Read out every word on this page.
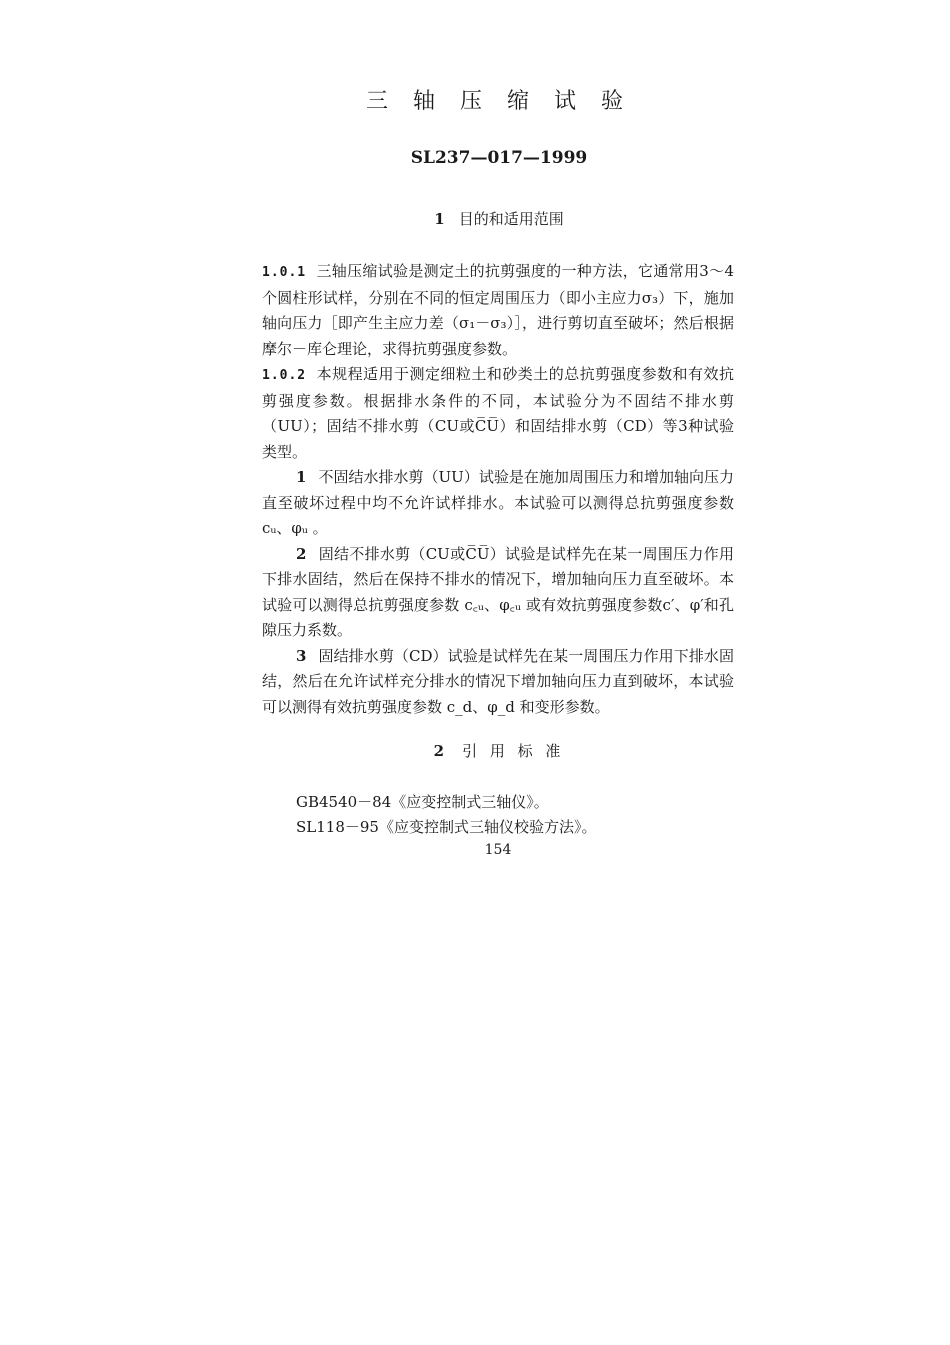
三 轴 压 缩 试 验
SL237—017—1999
1 目的和适用范围

1.0.1 三轴压缩试验是测定土的抗剪强度的一种方法，它通常用3～4个圆柱形试样，分别在不同的恒定周围压力（即小主应力σ₃）下，施加轴向压力［即产生主应力差（σ₁－σ₃）］，进行剪切直至破坏；然后根据摩尔－库仑理论，求得抗剪强度参数。

1.0.2 本规程适用于测定细粒土和砂类土的总抗剪强度参数和有效抗剪强度参数。根据排水条件的不同，本试验分为不固结不排水剪（UU）；固结不排水剪（CU或C̅U̅）和固结排水剪（CD）等3种试验类型。

1 不固结水排水剪（UU）试验是在施加周围压力和增加轴向压力直至破坏过程中均不允许试样排水。本试验可以测得总抗剪强度参数 cᵤ、φᵤ 。

2 固结不排水剪（CU或C̅U̅）试验是试样先在某一周围压力作用下排水固结，然后在保持不排水的情况下，增加轴向压力直至破坏。本试验可以测得总抗剪强度参数 c꜀ᵤ、φ꜀ᵤ 或有效抗剪强度参数c′、φ′和孔隙压力系数。

3 固结排水剪（CD）试验是试样先在某一周围压力作用下排水固结，然后在允许试样充分排水的情况下增加轴向压力直到破坏，本试验可以测得有效抗剪强度参数 c_d、φ_d 和变形参数。

2 引 用 标 准
GB4540－84《应变控制式三轴仪》。
SL118－95《应变控制式三轴仪校验方法》。
154
